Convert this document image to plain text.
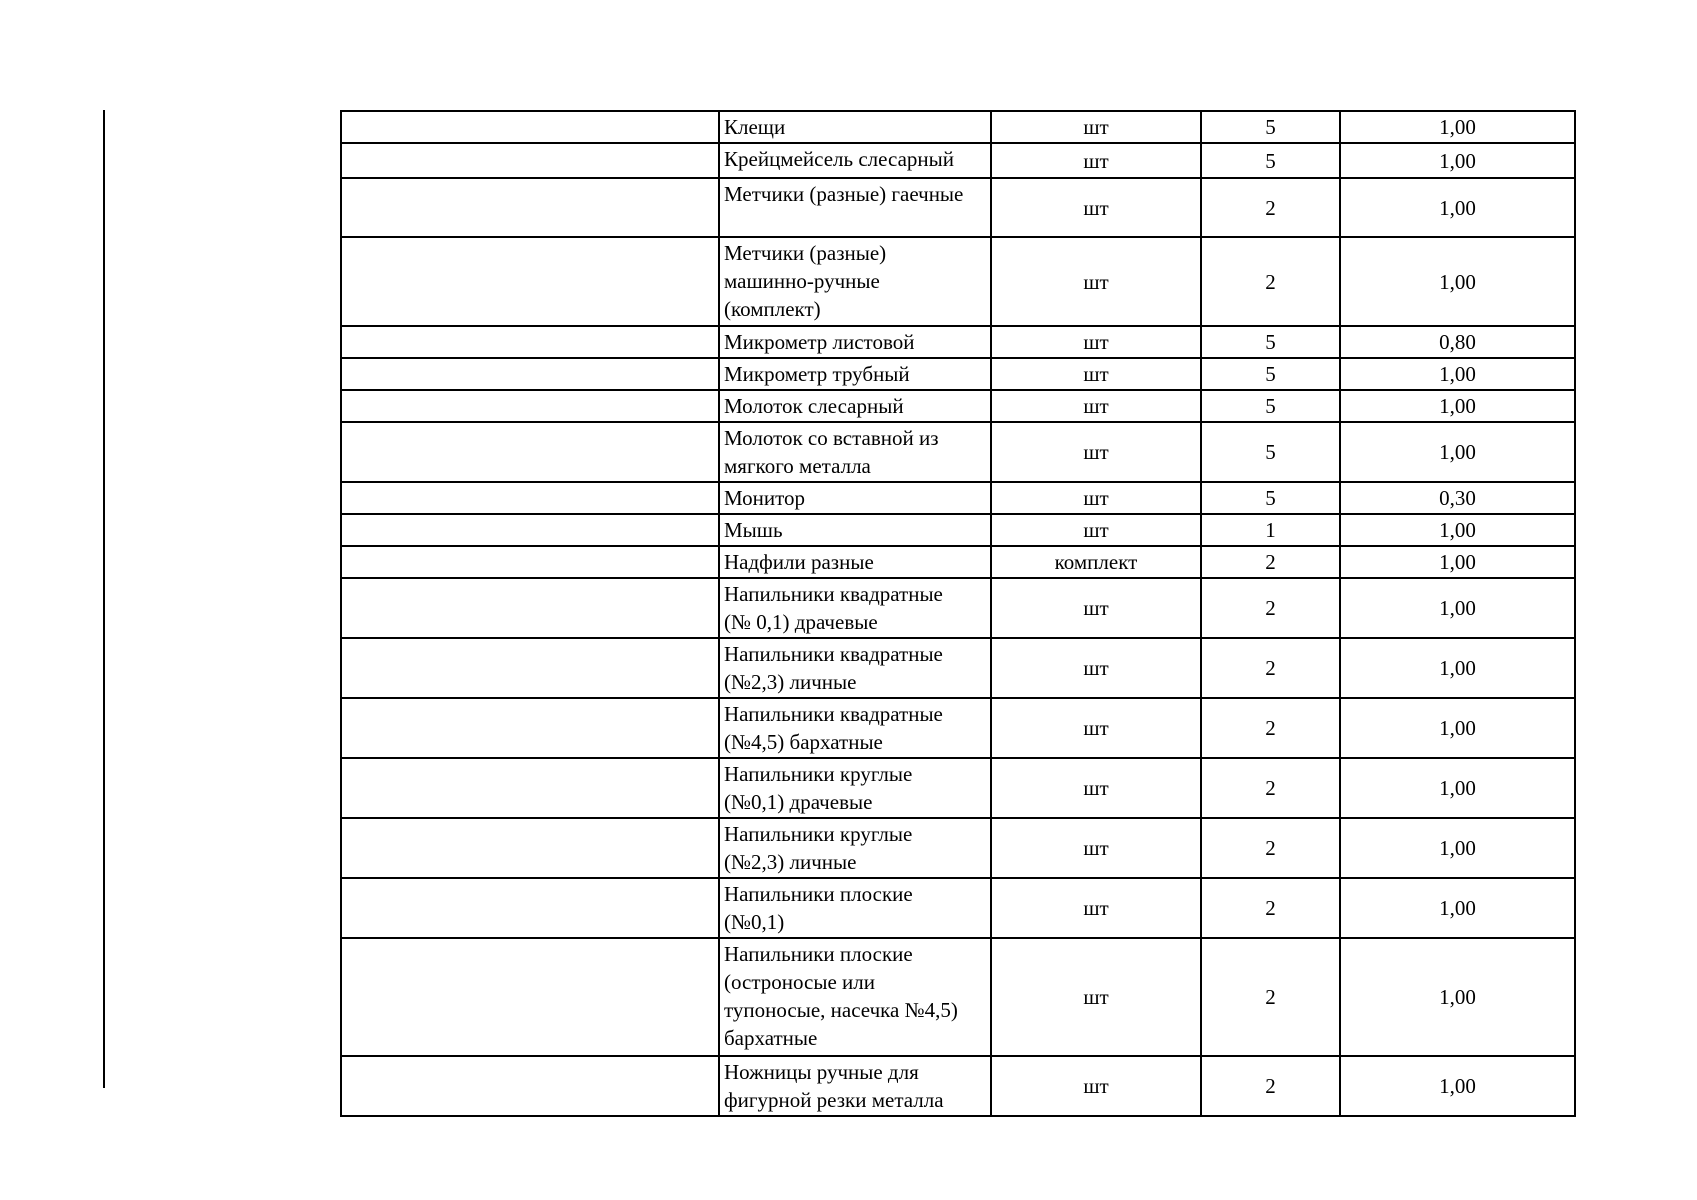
	Клещи	шт	5	1,00
	Крейцмейсель слесарный	шт	5	1,00
	Метчики (разные) гаечные	шт	2	1,00
	Метчики (разные)
машинно-ручные
(комплект)	шт	2	1,00
	Микрометр листовой	шт	5	0,80
	Микрометр трубный	шт	5	1,00
	Молоток слесарный	шт	5	1,00
	Молоток со вставной из
мягкого металла	шт	5	1,00
	Монитор	шт	5	0,30
	Мышь	шт	1	1,00
	Надфили разные	комплект	2	1,00
	Напильники квадратные
(№ 0,1) драчевые	шт	2	1,00
	Напильники квадратные
(№2,3) личные	шт	2	1,00
	Напильники квадратные
(№4,5) бархатные	шт	2	1,00
	Напильники круглые
(№0,1) драчевые	шт	2	1,00
	Напильники круглые
(№2,3) личные	шт	2	1,00
	Напильники плоские
(№0,1)	шт	2	1,00
	Напильники плоские
(остроносые или
тупоносые, насечка №4,5)
бархатные	шт	2	1,00
	Ножницы ручные для
фигурной резки металла	шт	2	1,00
